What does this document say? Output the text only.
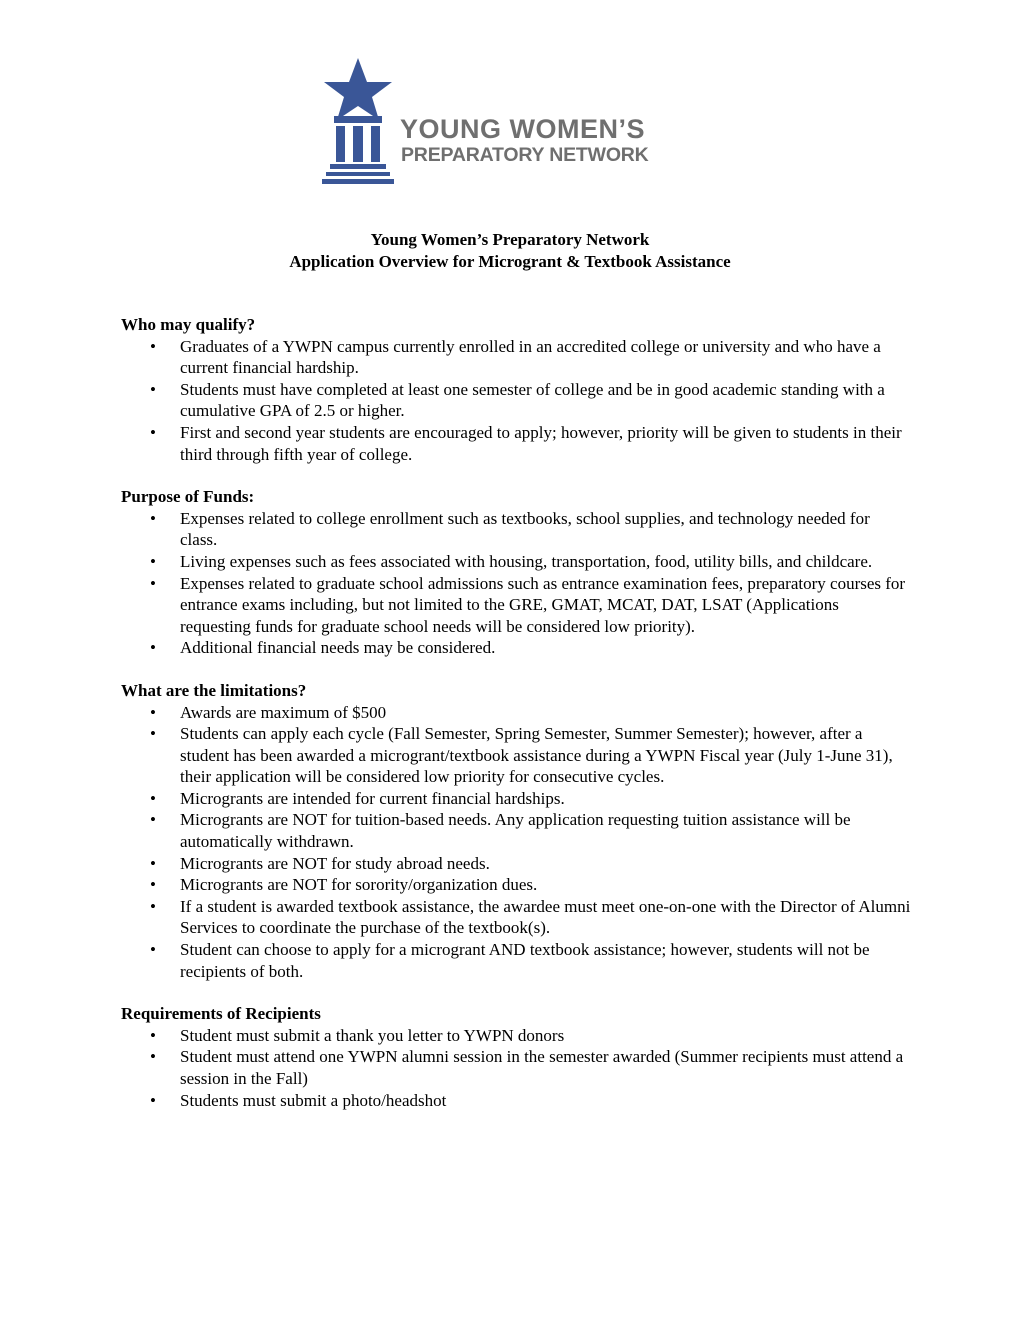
YOUNG WOMEN’S
PREPARATORY NETWORK
Young Women’s Preparatory Network
Application Overview for Microgrant & Textbook Assistance
Who may qualify?
• Graduates of a YWPN campus currently enrolled in an accredited college or university and who have a current financial hardship.
• Students must have completed at least one semester of college and be in good academic standing with a cumulative GPA of 2.5 or higher.
• First and second year students are encouraged to apply; however, priority will be given to students in their third through fifth year of college.
Purpose of Funds:
• Expenses related to college enrollment such as textbooks, school supplies, and technology needed for class.
• Living expenses such as fees associated with housing, transportation, food, utility bills, and childcare.
• Expenses related to graduate school admissions such as entrance examination fees, preparatory courses for entrance exams including, but not limited to the GRE, GMAT, MCAT, DAT, LSAT (Applications requesting funds for graduate school needs will be considered low priority).
• Additional financial needs may be considered.
What are the limitations?
• Awards are maximum of $500
• Students can apply each cycle (Fall Semester, Spring Semester, Summer Semester); however, after a student has been awarded a microgrant/textbook assistance during a YWPN Fiscal year (July 1-June 31), their application will be considered low priority for consecutive cycles.
• Microgrants are intended for current financial hardships.
• Microgrants are NOT for tuition-based needs. Any application requesting tuition assistance will be automatically withdrawn.
• Microgrants are NOT for study abroad needs.
• Microgrants are NOT for sorority/organization dues.
• If a student is awarded textbook assistance, the awardee must meet one-on-one with the Director of Alumni Services to coordinate the purchase of the textbook(s).
• Student can choose to apply for a microgrant AND textbook assistance; however, students will not be recipients of both.
Requirements of Recipients
• Student must submit a thank you letter to YWPN donors
• Student must attend one YWPN alumni session in the semester awarded (Summer recipients must attend a session in the Fall)
• Students must submit a photo/headshot
